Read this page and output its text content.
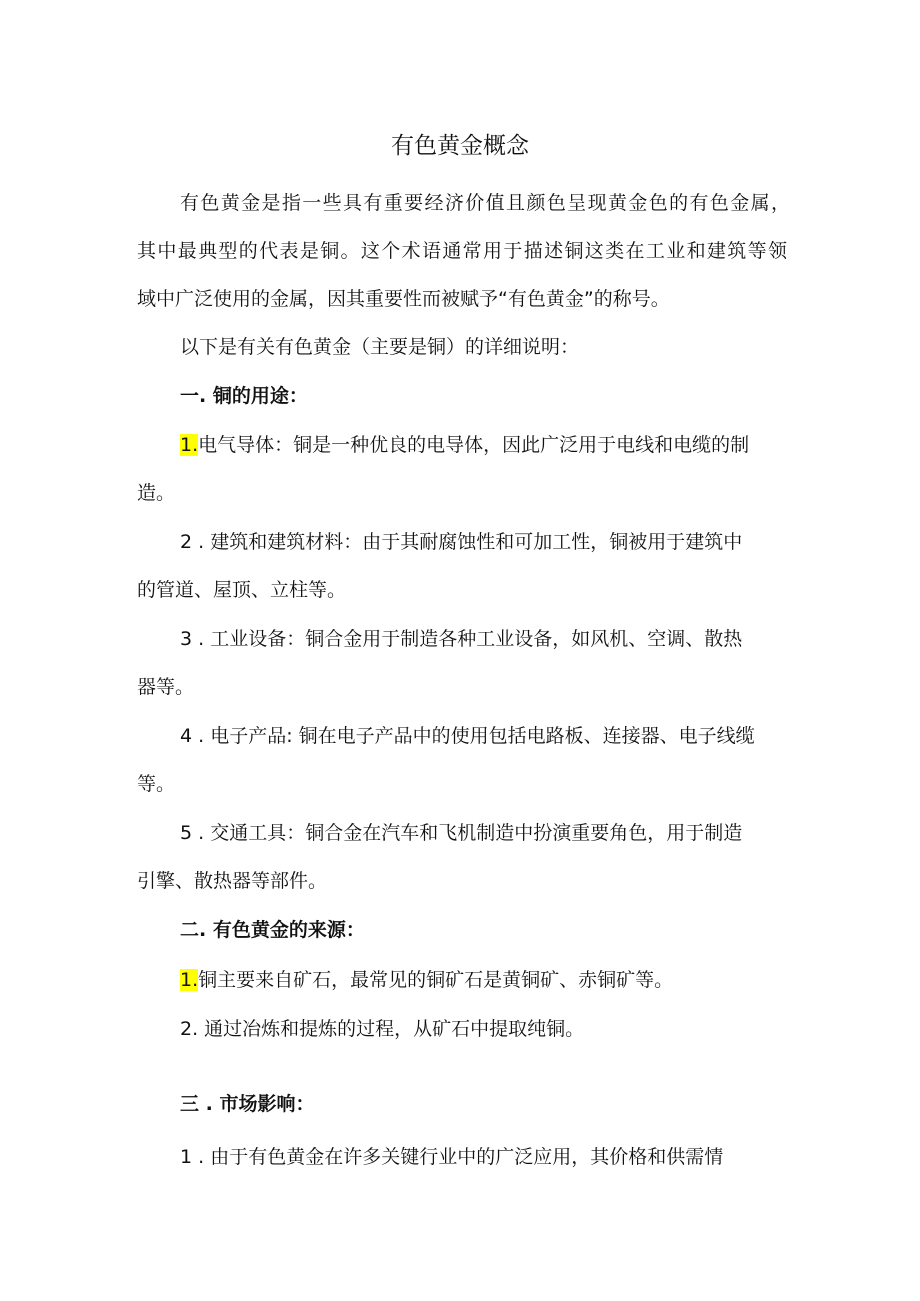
有色黄金概念
有色黄金是指一些具有重要经济价值且颜色呈现黄金色的有色金属，
其中最典型的代表是铜。这个术语通常用于描述铜这类在工业和建筑等领
域中广泛使用的金属，因其重要性而被赋予“有色黄金”的称号。
以下是有关有色黄金（主要是铜）的详细说明：
一. 铜的用途：
1.电气导体：铜是一种优良的电导体，因此广泛用于电线和电缆的制
造。
2 . 建筑和建筑材料：由于其耐腐蚀性和可加工性，铜被用于建筑中
的管道、屋顶、立柱等。
3 . 工业设备：铜合金用于制造各种工业设备，如风机、空调、散热
器等。
4 . 电子产品: 铜在电子产品中的使用包括电路板、连接器、电子线缆
等。
5 . 交通工具：铜合金在汽车和飞机制造中扮演重要角色，用于制造
引擎、散热器等部件。
二. 有色黄金的来源：
1.铜主要来自矿石，最常见的铜矿石是黄铜矿、赤铜矿等。
2. 通过冶炼和提炼的过程，从矿石中提取纯铜。
三 . 市场影响：
1 . 由于有色黄金在许多关键行业中的广泛应用，其价格和供需情
